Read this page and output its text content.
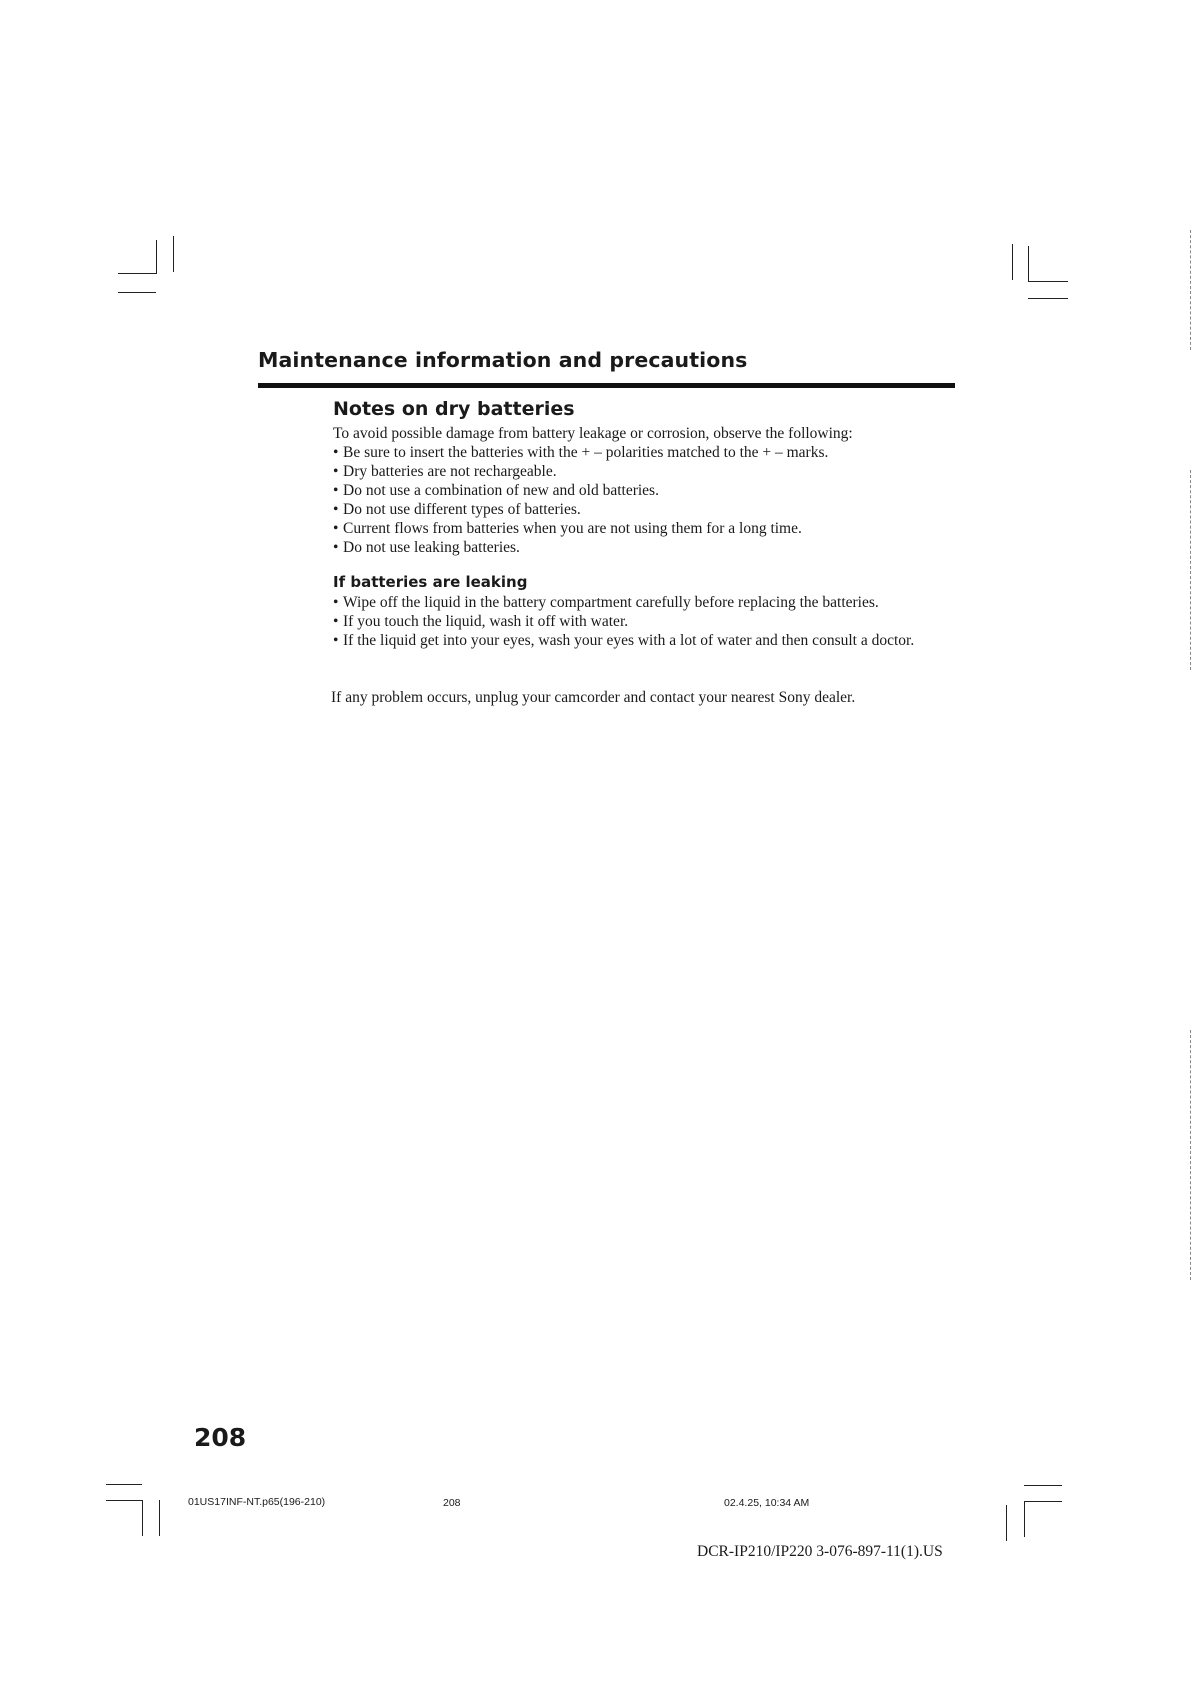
Maintenance information and precautions
Notes on dry batteries
To avoid possible damage from battery leakage or corrosion, observe the following:
• Be sure to insert the batteries with the + – polarities matched to the + – marks.
• Dry batteries are not rechargeable.
• Do not use a combination of new and old batteries.
• Do not use different types of batteries.
• Current flows from batteries when you are not using them for a long time.
• Do not use leaking batteries.
If batteries are leaking
• Wipe off the liquid in the battery compartment carefully before replacing the batteries.
• If you touch the liquid, wash it off with water.
• If the liquid get into your eyes, wash your eyes with a lot of water and then consult a doctor.
If any problem occurs, unplug your camcorder and contact your nearest Sony dealer.
208
01US17INF-NT.p65(196-210)	208	02.4.25, 10:34 AM
DCR-IP210/IP220 3-076-897-11(1).US
